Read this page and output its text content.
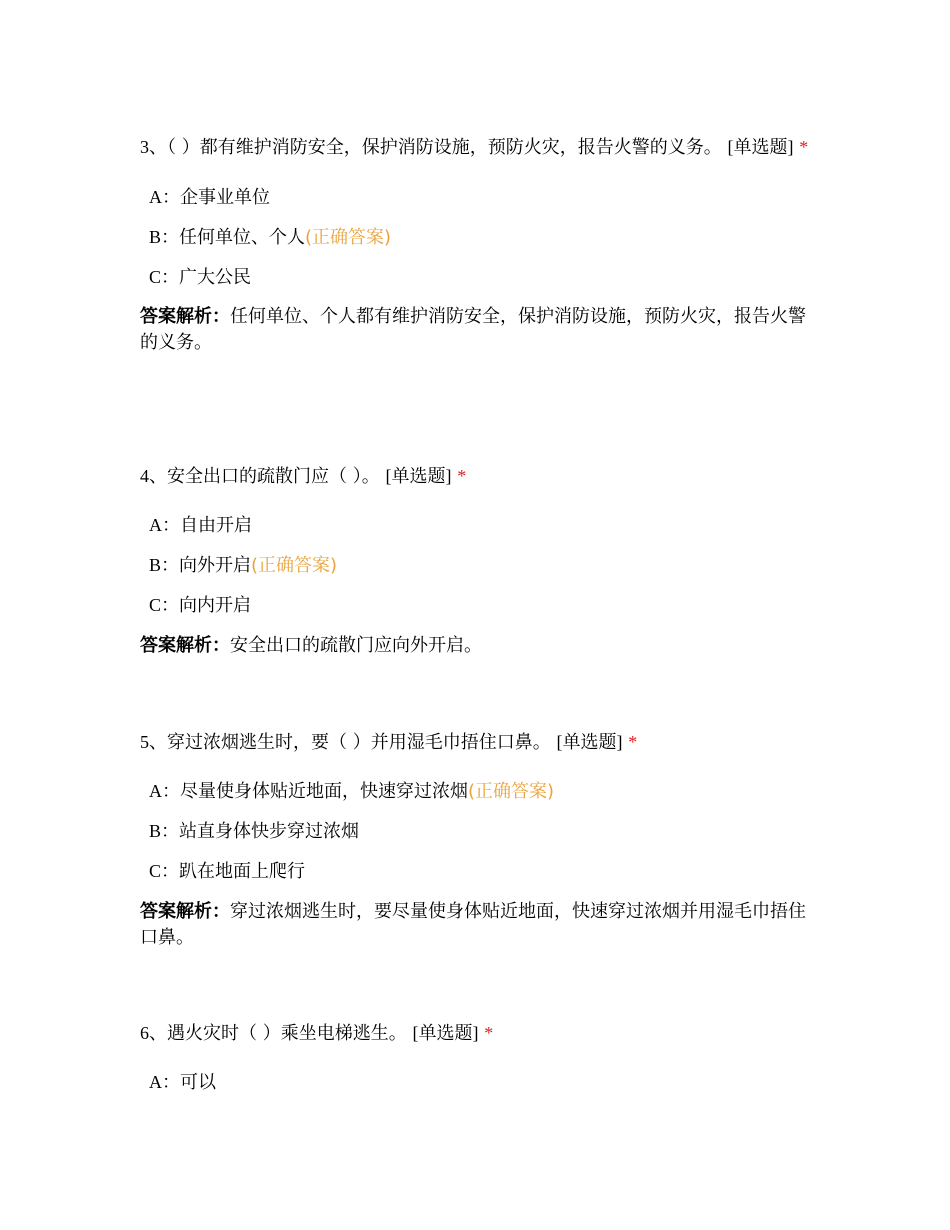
3、（ ）都有维护消防安全，保护消防设施，预防火灾，报告火警的义务。 [单选题] *

A：企事业单位
B：任何单位、个人(正确答案)
C：广大公民

答案解析：任何单位、个人都有维护消防安全，保护消防设施，预防火灾，报告火警的义务。

4、安全出口的疏散门应（ ）。 [单选题] *

A：自由开启
B：向外开启(正确答案)
C：向内开启

答案解析：安全出口的疏散门应向外开启。

5、穿过浓烟逃生时，要（ ）并用湿毛巾捂住口鼻。 [单选题] *

A：尽量使身体贴近地面，快速穿过浓烟(正确答案)
B：站直身体快步穿过浓烟
C：趴在地面上爬行

答案解析：穿过浓烟逃生时，要尽量使身体贴近地面，快速穿过浓烟并用湿毛巾捂住口鼻。

6、遇火灾时（ ）乘坐电梯逃生。 [单选题] *

A：可以
